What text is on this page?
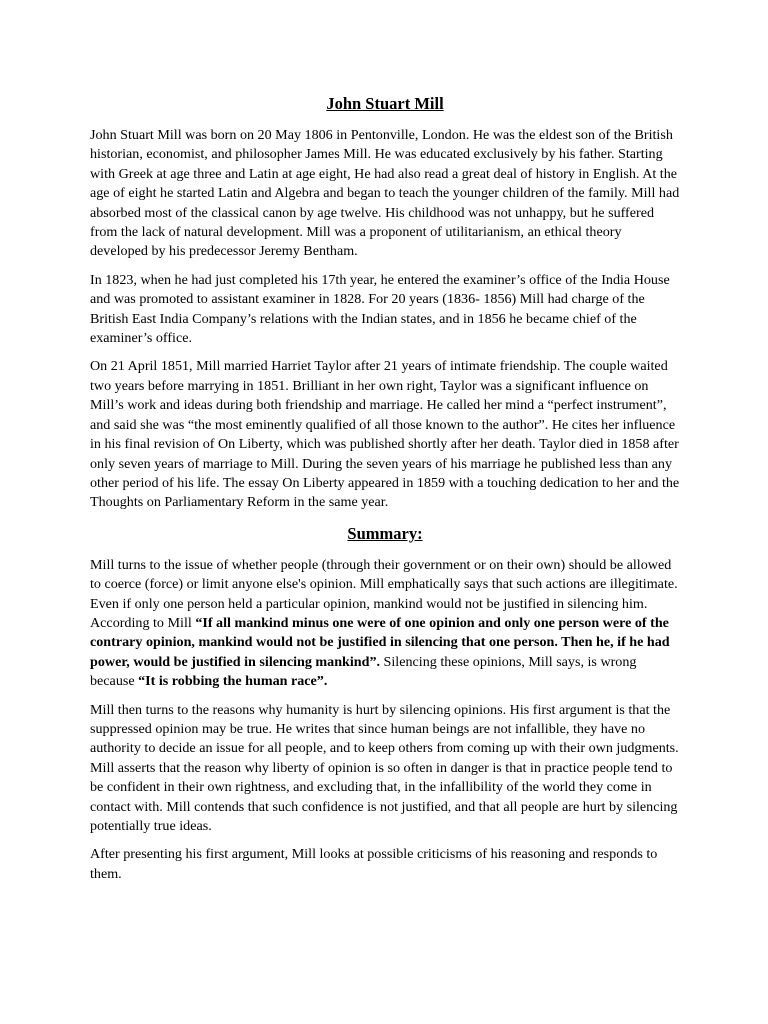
John Stuart Mill

John Stuart Mill was born on 20 May 1806 in Pentonville, London. He was the eldest son of the British historian, economist, and philosopher James Mill. He was educated exclusively by his father. Starting with Greek at age three and Latin at age eight, He had also read a great deal of history in English. At the age of eight he started Latin and Algebra and began to teach the younger children of the family. Mill had absorbed most of the classical canon by age twelve. His childhood was not unhappy, but he suffered from the lack of natural development. Mill was a proponent of utilitarianism, an ethical theory developed by his predecessor Jeremy Bentham.

In 1823, when he had just completed his 17th year, he entered the examiner’s office of the India House and was promoted to assistant examiner in 1828. For 20 years (1836- 1856) Mill had charge of the British East India Company’s relations with the Indian states, and in 1856 he became chief of the examiner’s office.

On 21 April 1851, Mill married Harriet Taylor after 21 years of intimate friendship. The couple waited two years before marrying in 1851. Brilliant in her own right, Taylor was a significant influence on Mill’s work and ideas during both friendship and marriage. He called her mind a “perfect instrument”, and said she was “the most eminently qualified of all those known to the author”. He cites her influence in his final revision of On Liberty, which was published shortly after her death. Taylor died in 1858 after only seven years of marriage to Mill. During the seven years of his marriage he published less than any other period of his life. The essay On Liberty appeared in 1859 with a touching dedication to her and the Thoughts on Parliamentary Reform in the same year.

Summary:

Mill turns to the issue of whether people (through their government or on their own) should be allowed to coerce (force) or limit anyone else's opinion. Mill emphatically says that such actions are illegitimate. Even if only one person held a particular opinion, mankind would not be justified in silencing him. According to Mill “If all mankind minus one were of one opinion and only one person were of the contrary opinion, mankind would not be justified in silencing that one person. Then he, if he had power, would be justified in silencing mankind”. Silencing these opinions, Mill says, is wrong because “It is robbing the human race”.

Mill then turns to the reasons why humanity is hurt by silencing opinions. His first argument is that the suppressed opinion may be true. He writes that since human beings are not infallible, they have no authority to decide an issue for all people, and to keep others from coming up with their own judgments. Mill asserts that the reason why liberty of opinion is so often in danger is that in practice people tend to be confident in their own rightness, and excluding that, in the infallibility of the world they come in contact with. Mill contends that such confidence is not justified, and that all people are hurt by silencing potentially true ideas.

After presenting his first argument, Mill looks at possible criticisms of his reasoning and responds to them.
